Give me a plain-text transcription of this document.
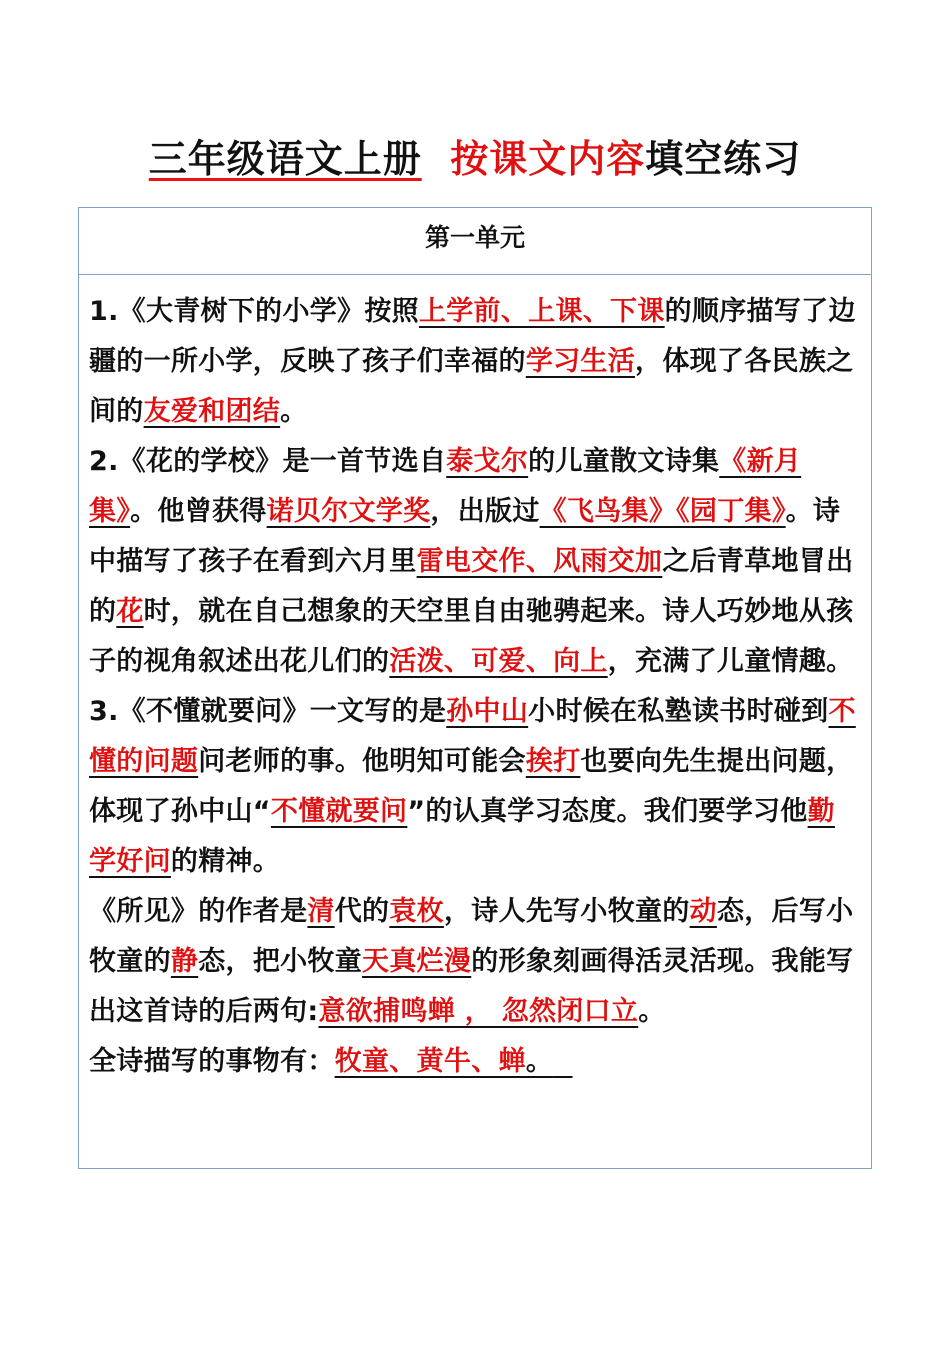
三年级语文上册 按课文内容填空练习
第一单元

1.《大青树下的小学》按照上学前、上课、下课的顺序描写了边疆的一所小学，反映了孩子们幸福的学习生活，体现了各民族之间的友爱和团结。

2.《花的学校》是一首节选自泰戈尔的儿童散文诗集《新月集》。他曾获得诺贝尔文学奖，出版过《飞鸟集》《园丁集》。诗中描写了孩子在看到六月里雷电交作、风雨交加之后青草地冒出的花时，就在自己想象的天空里自由驰骋起来。诗人巧妙地从孩子的视角叙述出花儿们的活泼、可爱、向上，充满了儿童情趣。

3.《不懂就要问》一文写的是孙中山小时候在私塾读书时碰到不懂的问题问老师的事。他明知可能会挨打也要向先生提出问题，体现了孙中山“不懂就要问”的认真学习态度。我们要学习他勤学好问的精神。

《所见》的作者是清代的袁枚，诗人先写小牧童的动态，后写小牧童的静态，把小牧童天真烂漫的形象刻画得活灵活现。我能写出这首诗的后两句:意欲捕鸣蝉 ， 忽然闭口立。

全诗描写的事物有：牧童、黄牛、蝉。
